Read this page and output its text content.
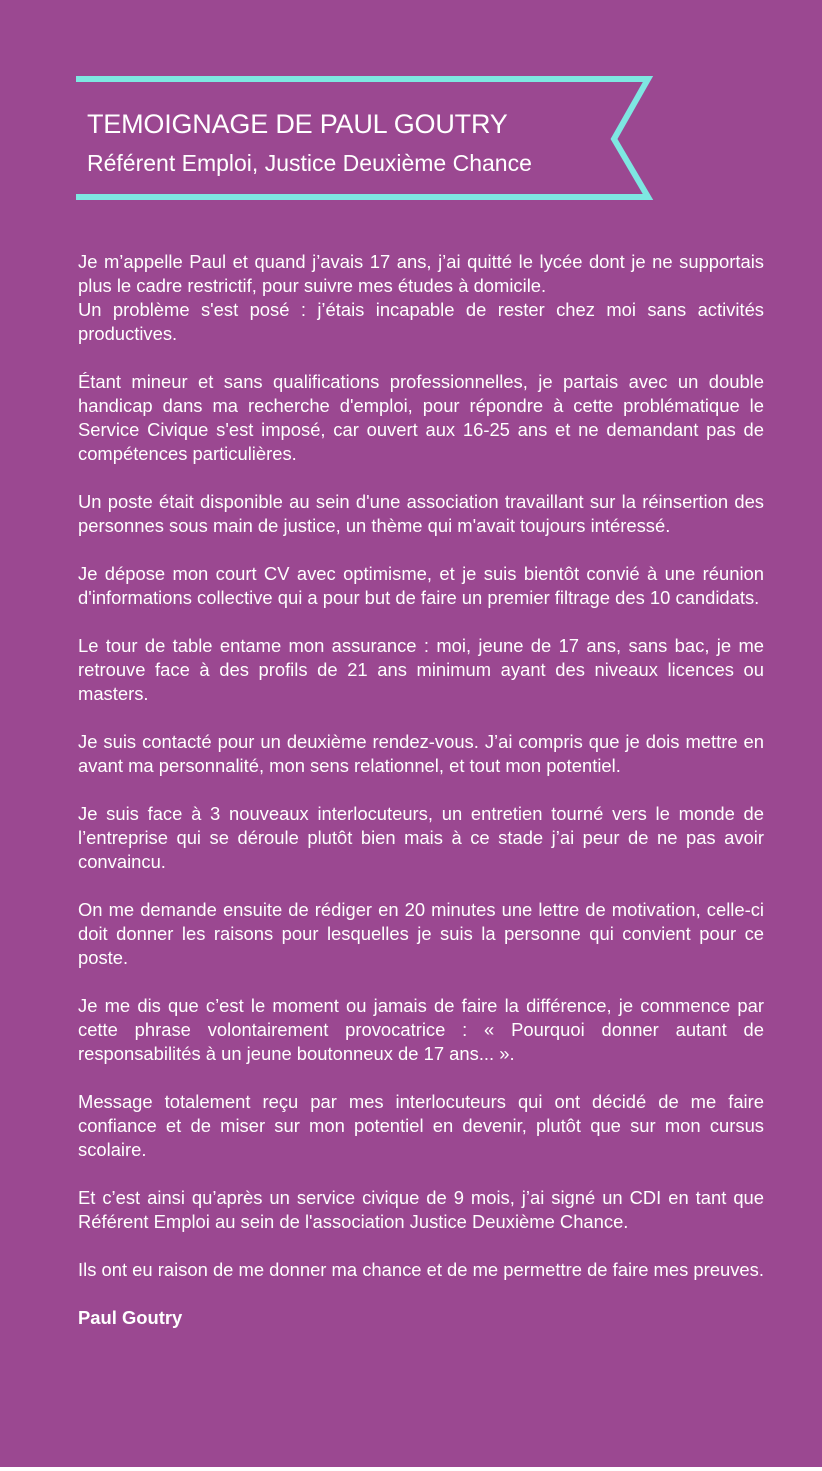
TEMOIGNAGE DE PAUL GOUTRY
Référent Emploi, Justice Deuxième Chance

Je m’appelle Paul et quand j’avais 17 ans, j’ai quitté le lycée dont je ne supportais plus le cadre restrictif, pour suivre mes études à domicile.
Un problème s'est posé : j’étais incapable de rester chez moi sans activités productives.

Étant mineur et sans qualifications professionnelles, je partais avec un double handicap dans ma recherche d'emploi, pour répondre à cette problématique le Service Civique s'est imposé, car ouvert aux 16-25 ans et ne demandant pas de compétences particulières.

Un poste était disponible au sein d'une association travaillant sur la réinsertion des personnes sous main de justice, un thème qui m'avait toujours intéressé.

Je dépose mon court CV avec optimisme, et je suis bientôt convié à une réunion d'informations collective qui a pour but de faire un premier filtrage des 10 candidats.

Le tour de table entame mon assurance : moi, jeune de 17 ans, sans bac, je me retrouve face à des profils de 21 ans minimum ayant des niveaux licences ou masters.

Je suis contacté pour un deuxième rendez-vous. J’ai compris que je dois mettre en avant ma personnalité, mon sens relationnel, et tout mon potentiel.

Je suis face à 3 nouveaux interlocuteurs, un entretien tourné vers le monde de l’entreprise qui se déroule plutôt bien mais à ce stade j’ai peur de ne pas avoir convaincu.

On me demande ensuite de rédiger en 20 minutes une lettre de motivation, celle-ci doit donner les raisons pour lesquelles je suis la personne qui convient pour ce poste.

Je me dis que c’est le moment ou jamais de faire la différence, je commence par cette phrase volontairement provocatrice : « Pourquoi donner autant de responsabilités à un jeune boutonneux de 17 ans... ».

Message totalement reçu par mes interlocuteurs qui ont décidé de me faire confiance et de miser sur mon potentiel en devenir, plutôt que sur mon cursus scolaire.

Et c’est ainsi qu’après un service civique de 9 mois, j’ai signé un CDI en tant que Référent Emploi au sein de l'association Justice Deuxième Chance.

Ils ont eu raison de me donner ma chance et de me permettre de faire mes preuves.

Paul Goutry
